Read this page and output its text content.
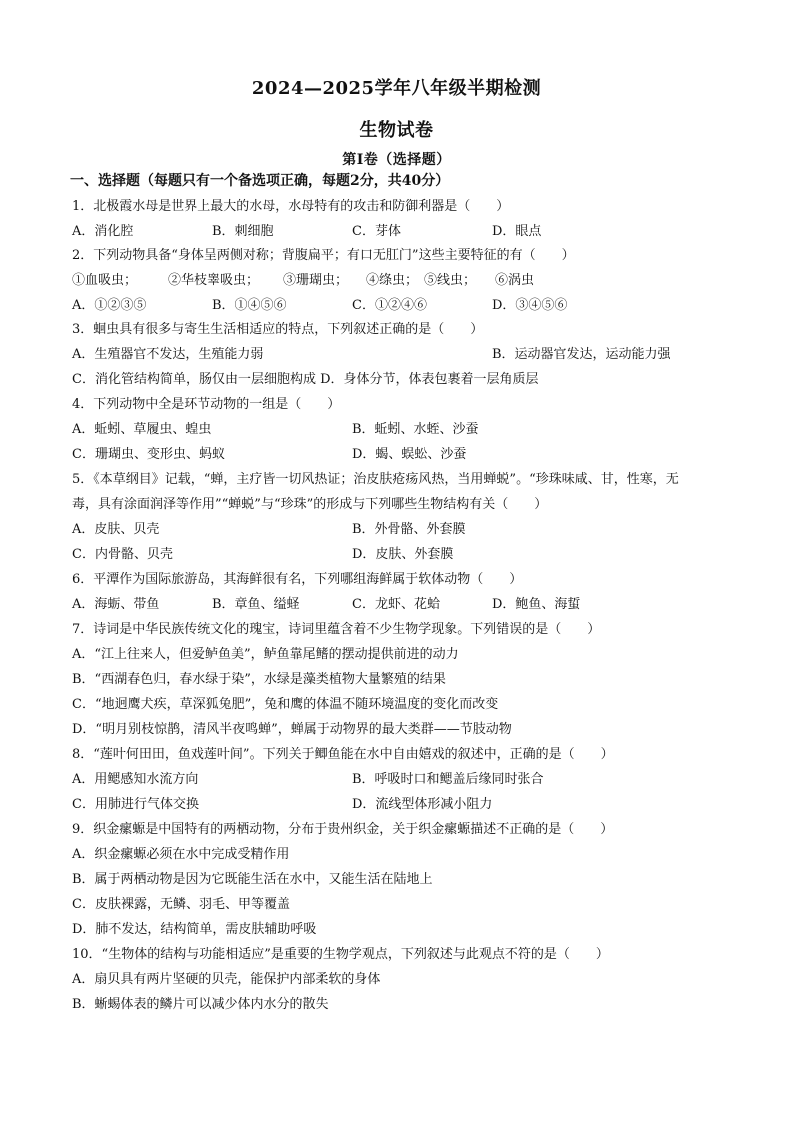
2024—2025学年八年级半期检测
生物试卷
第Ⅰ卷（选择题）
一、选择题（每题只有一个备选项正确，每题2分，共40分）
1．北极霞水母是世界上最大的水母，水母特有的攻击和防御利器是（　　）
A．消化腔	B．刺细胞	C．芽体	D．眼点
2．下列动物具备“身体呈两侧对称；背腹扁平；有口无肛门”这些主要特征的有（　　）
①血吸虫； ②华枝睾吸虫； ③珊瑚虫； ④绦虫； ⑤线虫； ⑥涡虫
A．①②③⑤	B．①④⑤⑥	C．①②④⑥	D．③④⑤⑥
3．蛔虫具有很多与寄生生活相适应的特点，下列叙述正确的是（　　）
A．生殖器官不发达，生殖能力弱	B．运动器官发达，运动能力强
C．消化管结构简单，肠仅由一层细胞构成 D．身体分节，体表包裹着一层角质层
4．下列动物中全是环节动物的一组是（　　）
A．蚯蚓、草履虫、蝗虫	B．蚯蚓、水蛭、沙蚕
C．珊瑚虫、变形虫、蚂蚁	D．蝎、蜈蚣、沙蚕
5．《本草纲目》记载，“蝉，主疗皆一切风热证；治皮肤疮疡风热，当用蝉蜕”。“珍珠味咸、甘，性寒，无
毒，具有涂面润泽等作用”“蝉蜕”与“珍珠”的形成与下列哪些生物结构有关（　　）
A．皮肤、贝壳	B．外骨骼、外套膜
C．内骨骼、贝壳	D．皮肤、外套膜
6．平潭作为国际旅游岛，其海鲜很有名，下列哪组海鲜属于软体动物（　　）
A．海蛎、带鱼	B．章鱼、缢蛏	C．龙虾、花蛤	D．鲍鱼、海蜇
7．诗词是中华民族传统文化的瑰宝，诗词里蕴含着不少生物学现象。下列错误的是（　　）
A．“江上往来人，但爱鲈鱼美”，鲈鱼靠尾鳍的摆动提供前进的动力
B．“西湖春色归，春水绿于染”，水绿是藻类植物大量繁殖的结果
C．“地迥鹰犬疾，草深狐兔肥”，兔和鹰的体温不随环境温度的变化而改变
D．“明月别枝惊鹊，清风半夜鸣蝉”，蝉属于动物界的最大类群——节肢动物
8．“莲叶何田田，鱼戏莲叶间”。下列关于鲫鱼能在水中自由嬉戏的叙述中，正确的是（　　）
A．用鳃感知水流方向	B．呼吸时口和鳃盖后缘同时张合
C．用肺进行气体交换	D．流线型体形减小阻力
9．织金瘰螈是中国特有的两栖动物，分布于贵州织金，关于织金瘰螈描述不正确的是（　　）
A．织金瘰螈必须在水中完成受精作用
B．属于两栖动物是因为它既能生活在水中，又能生活在陆地上
C．皮肤裸露，无鳞、羽毛、甲等覆盖
D．肺不发达，结构简单，需皮肤辅助呼吸
10．“生物体的结构与功能相适应”是重要的生物学观点，下列叙述与此观点不符的是（　　）
A．扇贝具有两片坚硬的贝壳，能保护内部柔软的身体
B．蜥蜴体表的鳞片可以减少体内水分的散失
